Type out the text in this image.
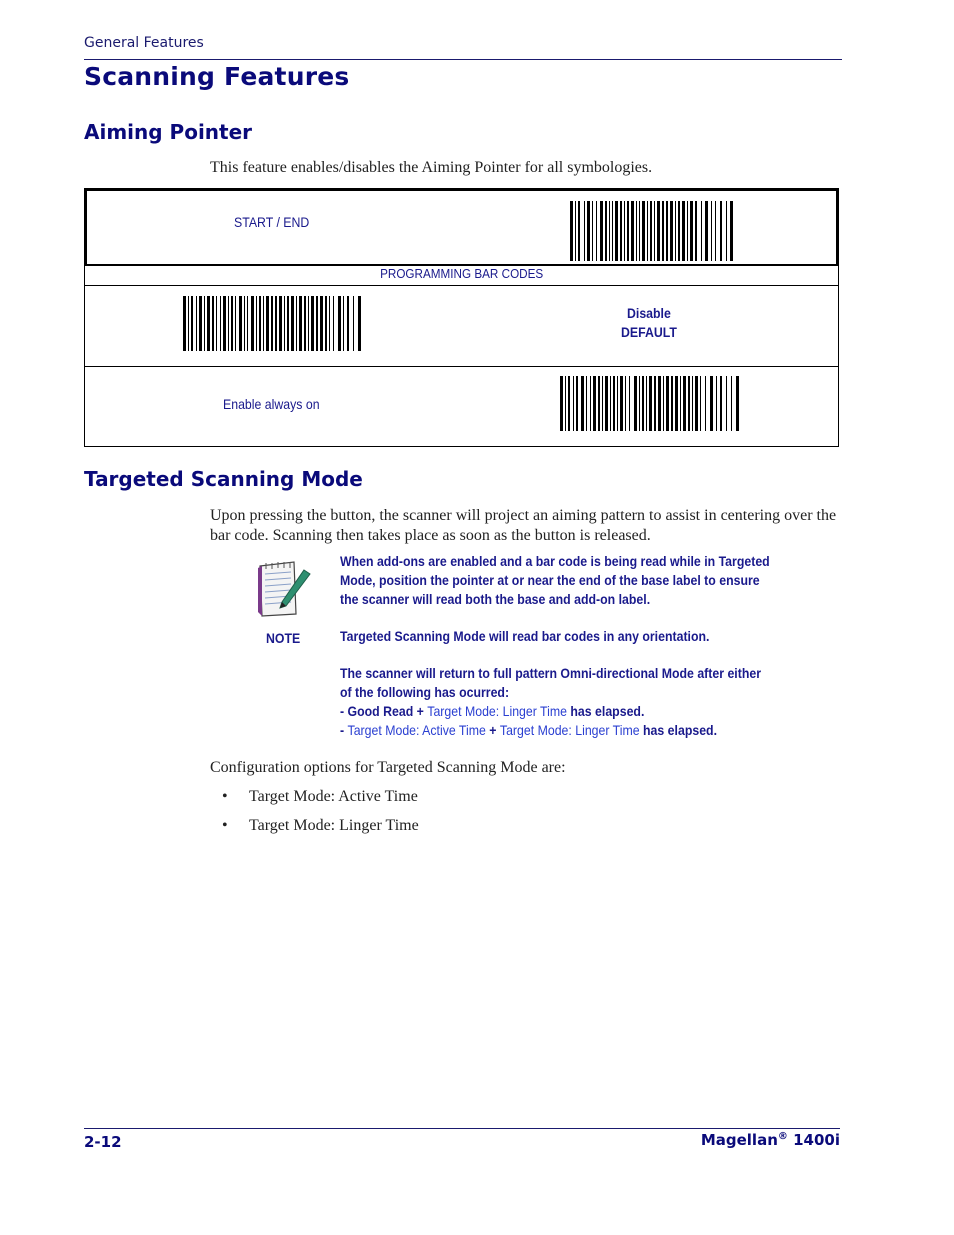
General Features
Scanning Features
Aiming Pointer
This feature enables/disables the Aiming Pointer for all symbologies.
START / END
PROGRAMMING BAR CODES
Disable
DEFAULT
Enable always on
Targeted Scanning Mode
Upon pressing the button, the scanner will project an aiming pattern to assist in centering over the bar code. Scanning then takes place as soon as the button is released.
NOTE
When add-ons are enabled and a bar code is being read while in Targeted
Mode, position the pointer at or near the end of the base label to ensure
the scanner will read both the base and add-on label.
Targeted Scanning Mode will read bar codes in any orientation.
The scanner will return to full pattern Omni-directional Mode after either
of the following has ocurred:
- Good Read + Target Mode: Linger Time has elapsed.
- Target Mode: Active Time + Target Mode: Linger Time has elapsed.
Configuration options for Targeted Scanning Mode are:
• Target Mode: Active Time
• Target Mode: Linger Time
2-12	Magellan® 1400i
